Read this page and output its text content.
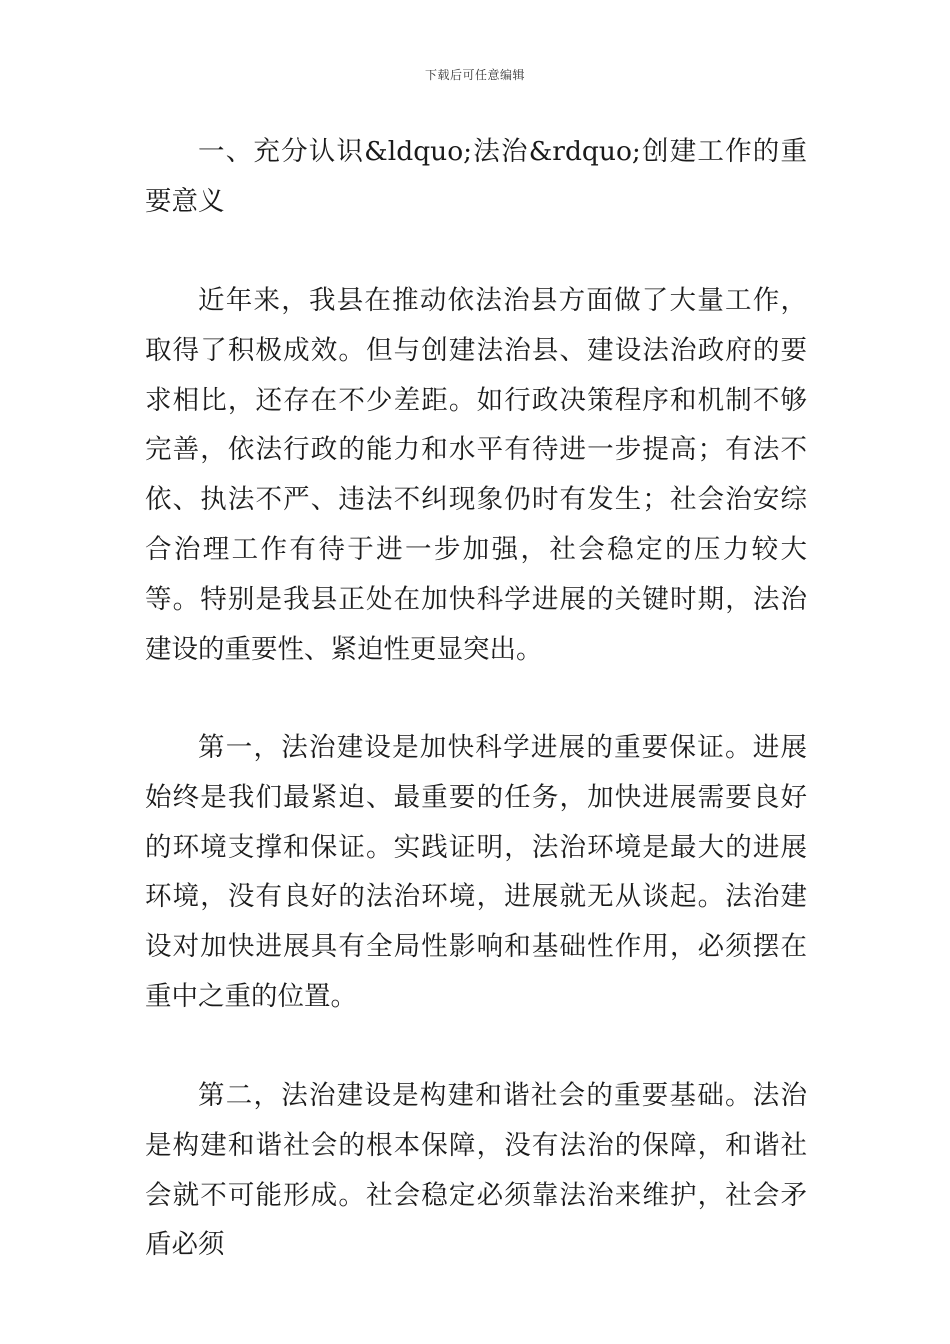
下载后可任意编辑

一、充分认识&ldquo;法治&rdquo;创建工作的重要意义

近年来，我县在推动依法治县方面做了大量工作，取得了积极成效。但与创建法治县、建设法治政府的要求相比，还存在不少差距。如行政决策程序和机制不够完善，依法行政的能力和水平有待进一步提高；有法不依、执法不严、违法不纠现象仍时有发生；社会治安综合治理工作有待于进一步加强，社会稳定的压力较大等。特别是我县正处在加快科学进展的关键时期，法治建设的重要性、紧迫性更显突出。

第一，法治建设是加快科学进展的重要保证。进展始终是我们最紧迫、最重要的任务，加快进展需要良好的环境支撑和保证。实践证明，法治环境是最大的进展环境，没有良好的法治环境，进展就无从谈起。法治建设对加快进展具有全局性影响和基础性作用，必须摆在重中之重的位置。

第二，法治建设是构建和谐社会的重要基础。法治是构建和谐社会的根本保障，没有法治的保障，和谐社会就不可能形成。社会稳定必须靠法治来维护，社会矛盾必须
